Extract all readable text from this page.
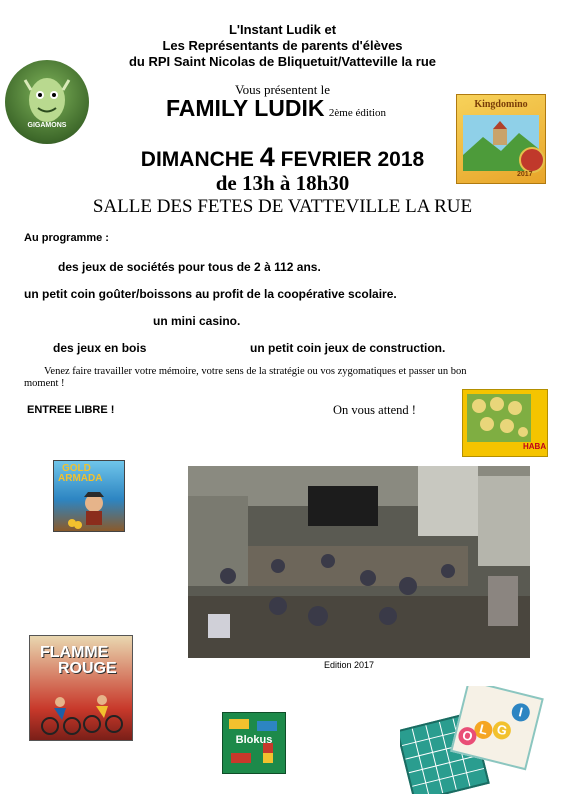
L'Instant Ludik et
Les Représentants de parents d'élèves
du RPI Saint Nicolas de Bliquetuit/Vatteville la rue
Vous présentent le
FAMILY LUDIK 2ème édition
DIMANCHE 4 FEVRIER 2018
de 13h à 18h30
SALLE DES FETES DE VATTEVILLE LA RUE
Au programme :
des jeux de sociétés pour tous de 2 à 112 ans.
un petit coin goûter/boissons au profit de la coopérative scolaire.
un mini casino.
des jeux en bois	un petit coin jeux de construction.
Venez faire travailler votre mémoire, votre sens de la stratégie ou vos zygomatiques et passer un bon moment !
ENTREE LIBRE !	On vous attend !
GIGAMONS
Kingdomino
2017
HABA
GOLD
ARMADA
Edition 2017
FLAMME
ROUGE
Blokus
L
O	G
I
